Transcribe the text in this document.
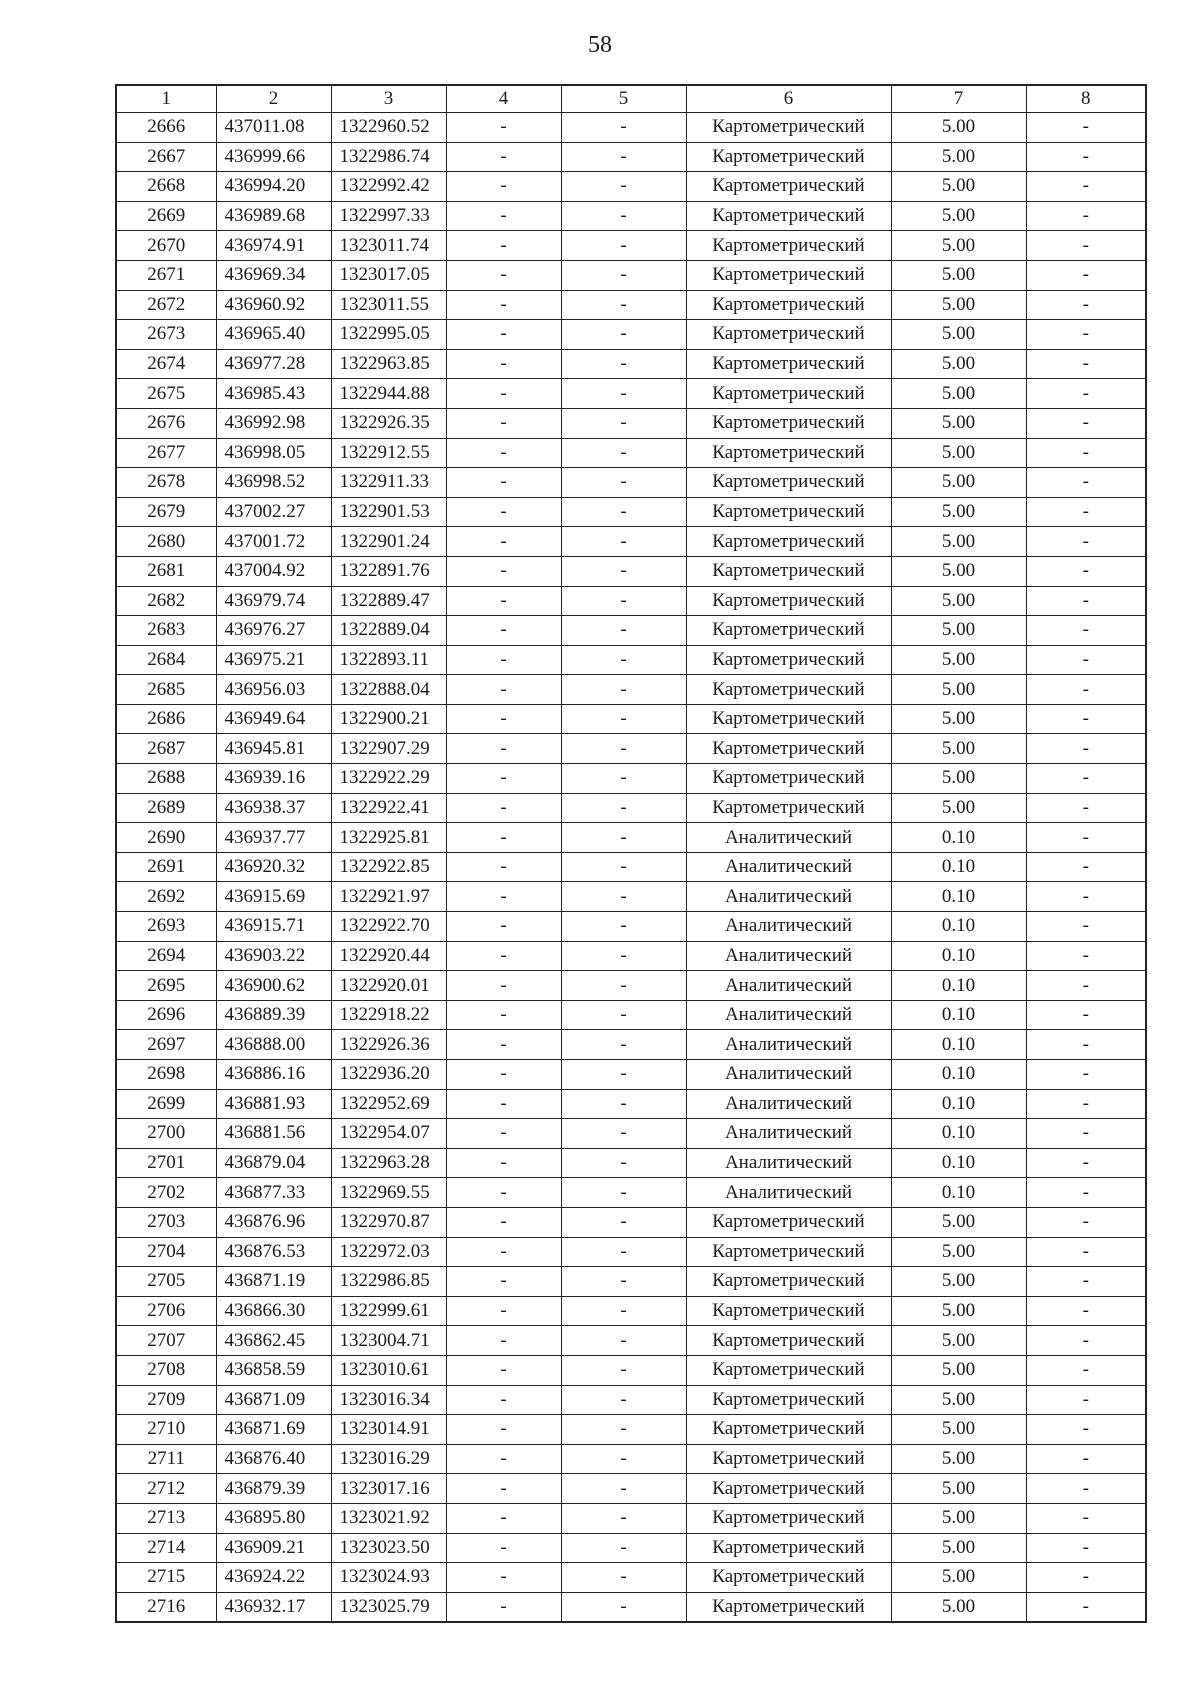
58
1	2	3	4	5	6	7	8
2666	437011.08	1322960.52	-	-	Картометрический	5.00	-
2667	436999.66	1322986.74	-	-	Картометрический	5.00	-
2668	436994.20	1322992.42	-	-	Картометрический	5.00	-
2669	436989.68	1322997.33	-	-	Картометрический	5.00	-
2670	436974.91	1323011.74	-	-	Картометрический	5.00	-
2671	436969.34	1323017.05	-	-	Картометрический	5.00	-
2672	436960.92	1323011.55	-	-	Картометрический	5.00	-
2673	436965.40	1322995.05	-	-	Картометрический	5.00	-
2674	436977.28	1322963.85	-	-	Картометрический	5.00	-
2675	436985.43	1322944.88	-	-	Картометрический	5.00	-
2676	436992.98	1322926.35	-	-	Картометрический	5.00	-
2677	436998.05	1322912.55	-	-	Картометрический	5.00	-
2678	436998.52	1322911.33	-	-	Картометрический	5.00	-
2679	437002.27	1322901.53	-	-	Картометрический	5.00	-
2680	437001.72	1322901.24	-	-	Картометрический	5.00	-
2681	437004.92	1322891.76	-	-	Картометрический	5.00	-
2682	436979.74	1322889.47	-	-	Картометрический	5.00	-
2683	436976.27	1322889.04	-	-	Картометрический	5.00	-
2684	436975.21	1322893.11	-	-	Картометрический	5.00	-
2685	436956.03	1322888.04	-	-	Картометрический	5.00	-
2686	436949.64	1322900.21	-	-	Картометрический	5.00	-
2687	436945.81	1322907.29	-	-	Картометрический	5.00	-
2688	436939.16	1322922.29	-	-	Картометрический	5.00	-
2689	436938.37	1322922.41	-	-	Картометрический	5.00	-
2690	436937.77	1322925.81	-	-	Аналитический	0.10	-
2691	436920.32	1322922.85	-	-	Аналитический	0.10	-
2692	436915.69	1322921.97	-	-	Аналитический	0.10	-
2693	436915.71	1322922.70	-	-	Аналитический	0.10	-
2694	436903.22	1322920.44	-	-	Аналитический	0.10	-
2695	436900.62	1322920.01	-	-	Аналитический	0.10	-
2696	436889.39	1322918.22	-	-	Аналитический	0.10	-
2697	436888.00	1322926.36	-	-	Аналитический	0.10	-
2698	436886.16	1322936.20	-	-	Аналитический	0.10	-
2699	436881.93	1322952.69	-	-	Аналитический	0.10	-
2700	436881.56	1322954.07	-	-	Аналитический	0.10	-
2701	436879.04	1322963.28	-	-	Аналитический	0.10	-
2702	436877.33	1322969.55	-	-	Аналитический	0.10	-
2703	436876.96	1322970.87	-	-	Картометрический	5.00	-
2704	436876.53	1322972.03	-	-	Картометрический	5.00	-
2705	436871.19	1322986.85	-	-	Картометрический	5.00	-
2706	436866.30	1322999.61	-	-	Картометрический	5.00	-
2707	436862.45	1323004.71	-	-	Картометрический	5.00	-
2708	436858.59	1323010.61	-	-	Картометрический	5.00	-
2709	436871.09	1323016.34	-	-	Картометрический	5.00	-
2710	436871.69	1323014.91	-	-	Картометрический	5.00	-
2711	436876.40	1323016.29	-	-	Картометрический	5.00	-
2712	436879.39	1323017.16	-	-	Картометрический	5.00	-
2713	436895.80	1323021.92	-	-	Картометрический	5.00	-
2714	436909.21	1323023.50	-	-	Картометрический	5.00	-
2715	436924.22	1323024.93	-	-	Картометрический	5.00	-
2716	436932.17	1323025.79	-	-	Картометрический	5.00	-
